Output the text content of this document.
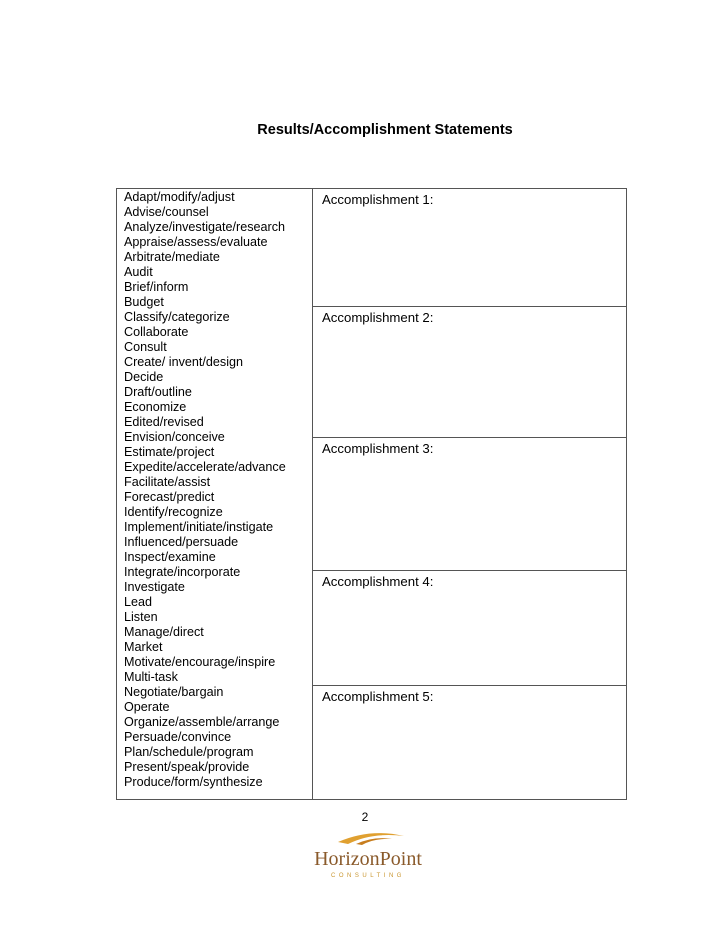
Results/Accomplishment Statements
Adapt/modify/adjust
Advise/counsel
Analyze/investigate/research
Appraise/assess/evaluate
Arbitrate/mediate
Audit
Brief/inform
Budget
Classify/categorize
Collaborate
Consult
Create/ invent/design
Decide
Draft/outline
Economize
Edited/revised
Envision/conceive
Estimate/project
Expedite/accelerate/advance
Facilitate/assist
Forecast/predict
Identify/recognize
Implement/initiate/instigate
Influenced/persuade
Inspect/examine
Integrate/incorporate
Investigate
Lead
Listen
Manage/direct
Market
Motivate/encourage/inspire
Multi-task
Negotiate/bargain
Operate
Organize/assemble/arrange
Persuade/convince
Plan/schedule/program
Present/speak/provide
Produce/form/synthesize
Accomplishment 1:
Accomplishment 2:
Accomplishment 3:
Accomplishment 4:
Accomplishment 5:
2
HorizonPoint
CONSULTING
